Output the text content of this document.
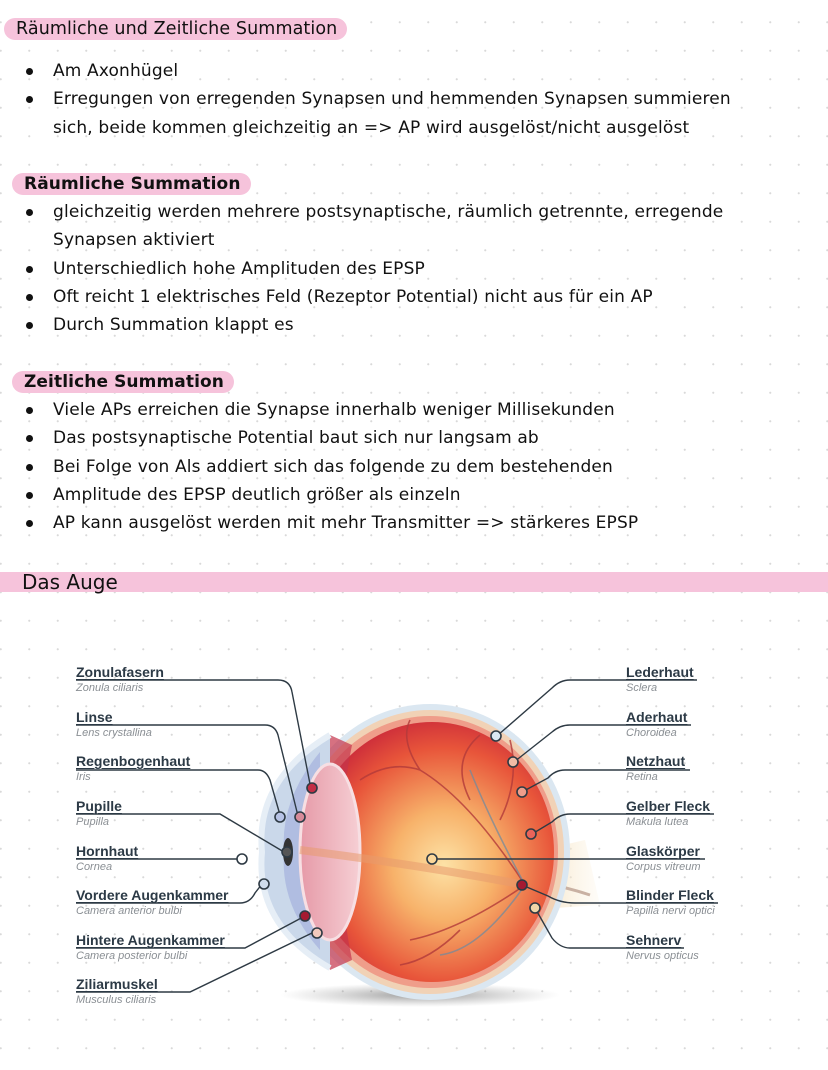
Räumliche und Zeitliche Summation
Am Axonhügel
Erregungen von erregenden Synapsen und hemmenden Synapsen summieren
sich, beide kommen gleichzeitig an => AP wird ausgelöst/nicht ausgelöst
Räumliche Summation
gleichzeitig werden mehrere postsynaptische, räumlich getrennte, erregende
Synapsen aktiviert
Unterschiedlich hohe Amplituden des EPSP
Oft reicht 1 elektrisches Feld (Rezeptor Potential) nicht aus für ein AP
Durch Summation klappt es
Zeitliche Summation
Viele APs erreichen die Synapse innerhalb weniger Millisekunden
Das postsynaptische Potential baut sich nur langsam ab
Bei Folge von Als addiert sich das folgende zu dem bestehenden
Amplitude des EPSP deutlich größer als einzeln
AP kann ausgelöst werden mit mehr Transmitter => stärkeres EPSP
Das Auge
Zonulafasern
Zonula ciliaris
Linse
Lens crystallina
Regenbogenhaut
Iris
Pupille
Pupilla
Hornhaut
Cornea
Vordere Augenkammer
Camera anterior bulbi
Hintere Augenkammer
Camera posterior bulbi
Ziliarmuskel
Musculus ciliaris
Lederhaut
Sclera
Aderhaut
Choroidea
Netzhaut
Retina
Gelber Fleck
Makula lutea
Glaskörper
Corpus vitreum
Blinder Fleck
Papilla nervi optici
Sehnerv
Nervus opticus
